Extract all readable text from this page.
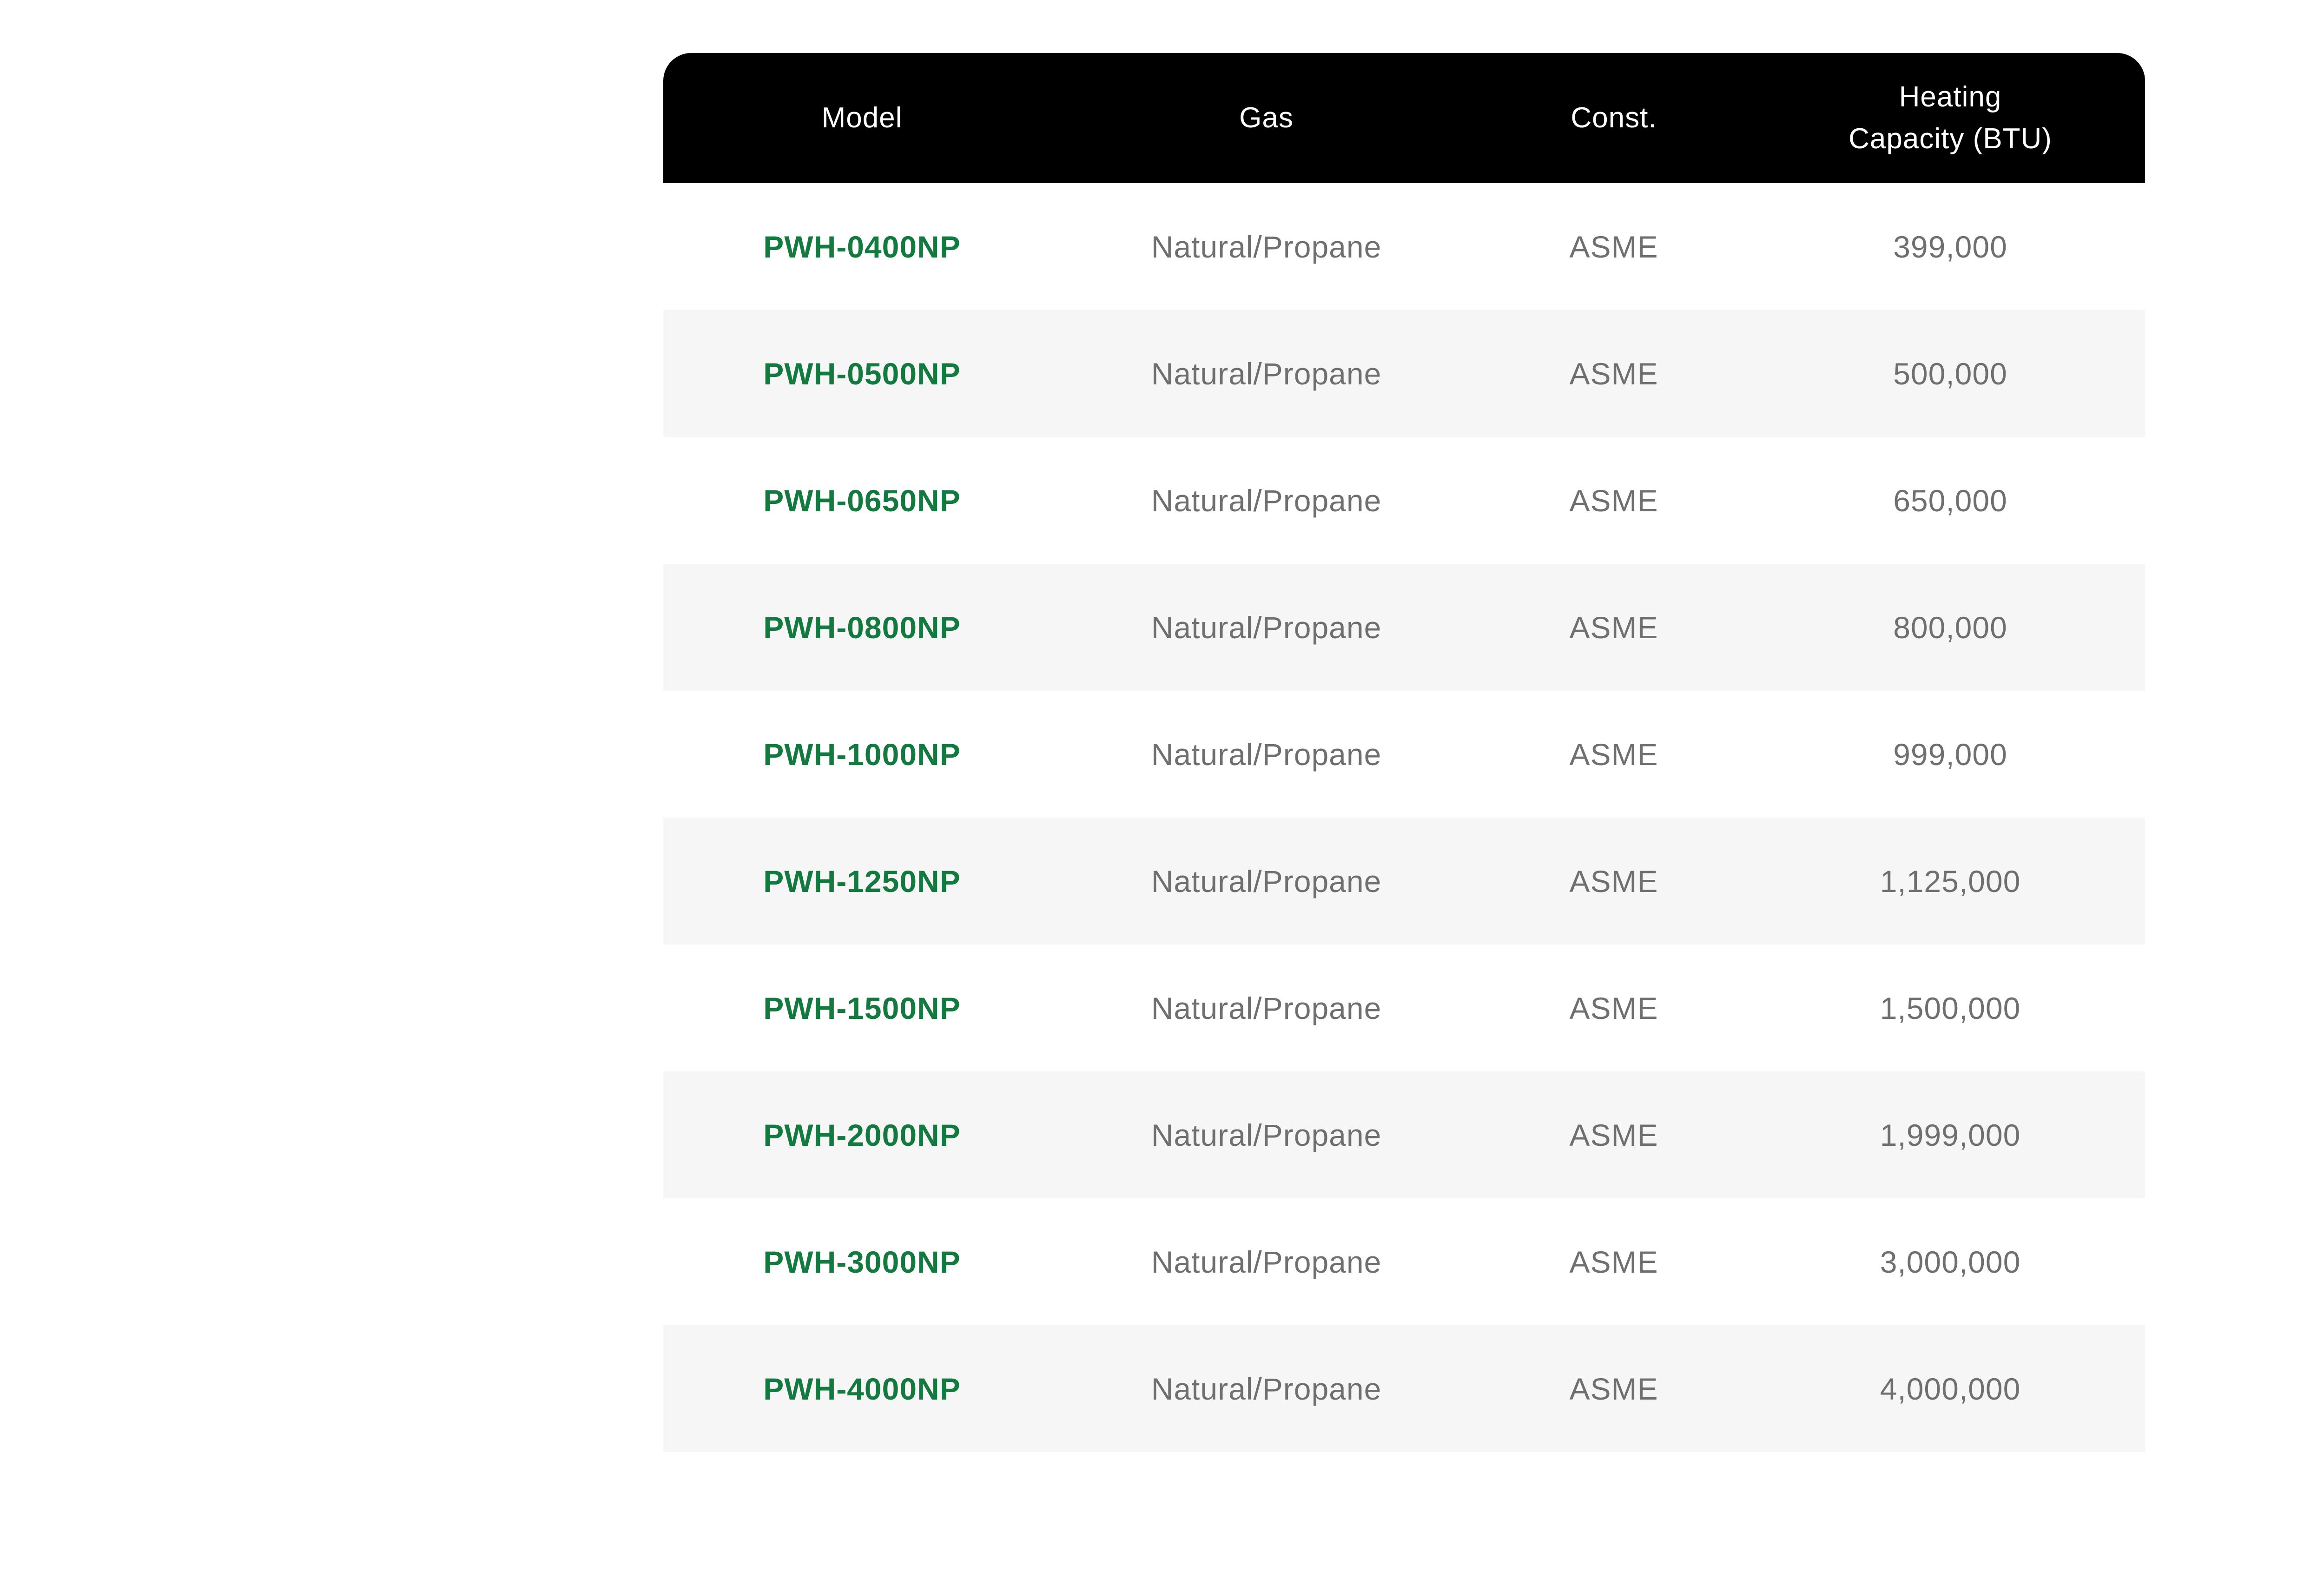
Model	Gas	Const.	Heating
Capacity (BTU)

PWH-0400NP	Natural/Propane	ASME	399,000
PWH-0500NP	Natural/Propane	ASME	500,000
PWH-0650NP	Natural/Propane	ASME	650,000
PWH-0800NP	Natural/Propane	ASME	800,000
PWH-1000NP	Natural/Propane	ASME	999,000
PWH-1250NP	Natural/Propane	ASME	1,125,000
PWH-1500NP	Natural/Propane	ASME	1,500,000
PWH-2000NP	Natural/Propane	ASME	1,999,000
PWH-3000NP	Natural/Propane	ASME	3,000,000
PWH-4000NP	Natural/Propane	ASME	4,000,000
